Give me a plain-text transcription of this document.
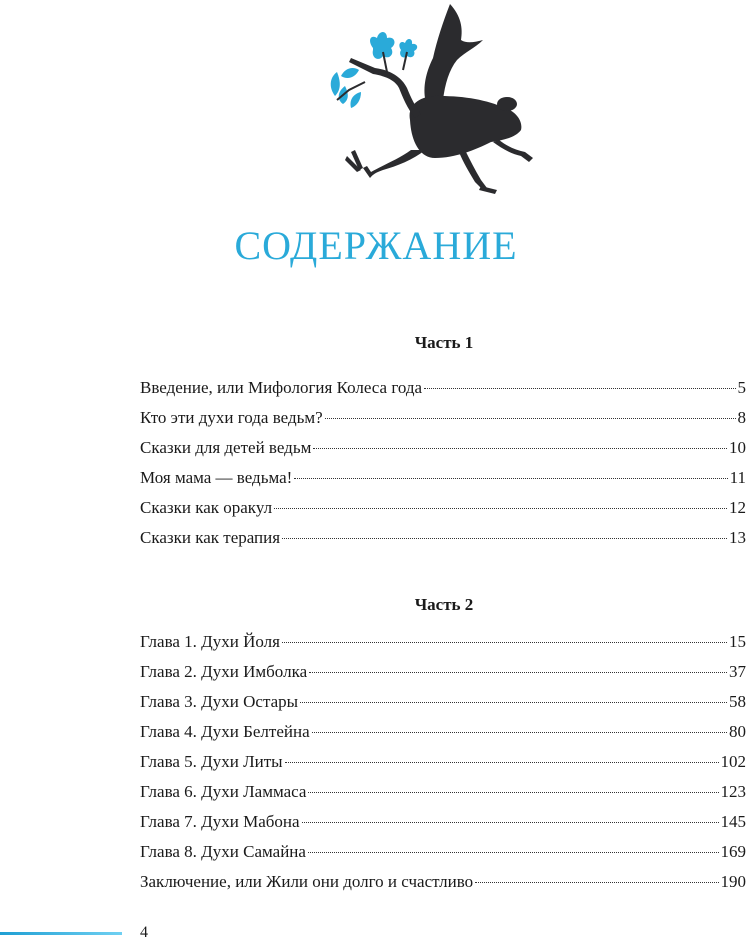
СОДЕРЖАНИЕ
Часть 1
Введение, или Мифология Колеса года	5
Кто эти духи года ведьм?	8
Сказки для детей ведьм	10
Моя мама — ведьма!	11
Сказки как оракул	12
Сказки как терапия	13
Часть 2
Глава 1. Духи Йоля	15
Глава 2. Духи Имболка	37
Глава 3. Духи Остары	58
Глава 4. Духи Белтейна	80
Глава 5. Духи Литы	102
Глава 6. Духи Ламмаса	123
Глава 7. Духи Мабона	145
Глава 8. Духи Самайна	169
Заключение, или Жили они долго и счастливо	190
4
